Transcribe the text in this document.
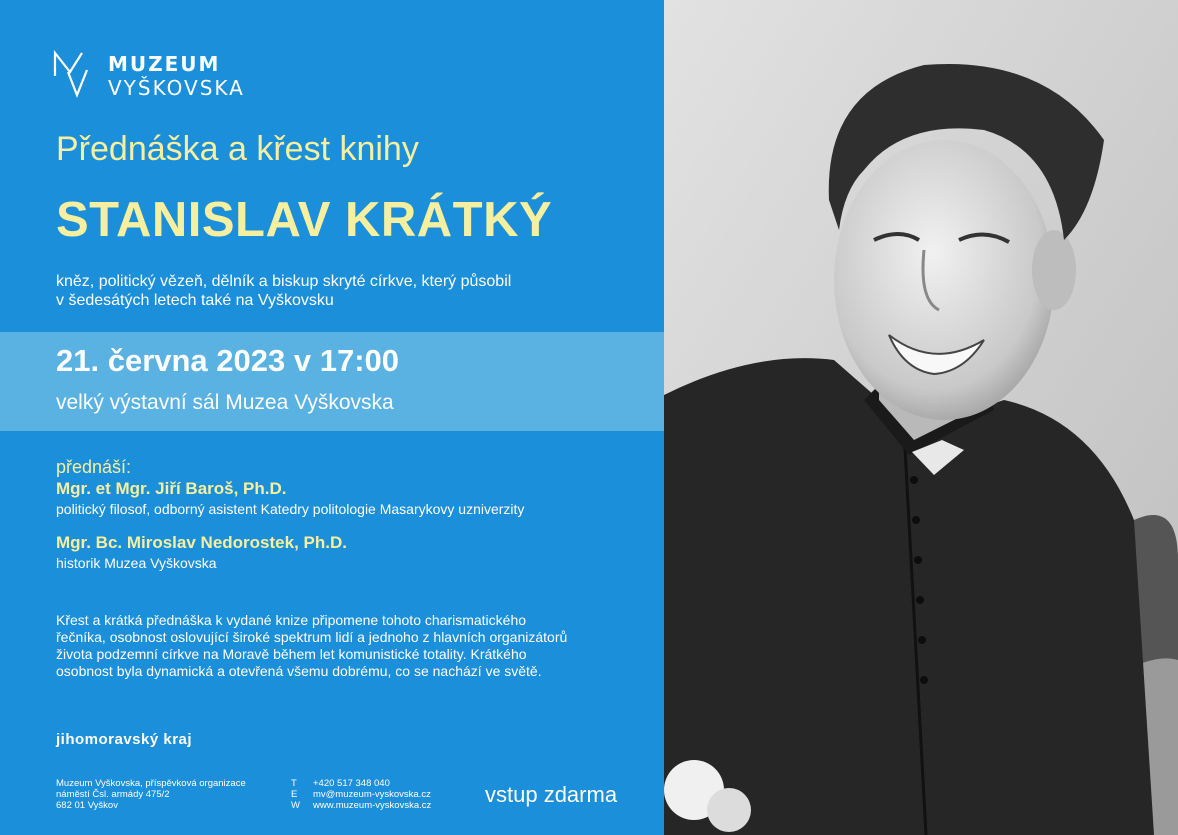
MUZEUM
VYŠKOVSKA
Přednáška a křest knihy
STANISLAV KRÁTKÝ
kněz, politický vězeň, dělník a biskup skryté církve, který působil
v šedesátých letech také na Vyškovsku
21. června 2023 v 17:00
velký výstavní sál Muzea Vyškovska
přednáší:
Mgr. et Mgr. Jiří Baroš, Ph.D.
politický filosof, odborný asistent Katedry politologie Masarykovy uzniverzity
Mgr. Bc. Miroslav Nedorostek, Ph.D.
historik Muzea Vyškovska
Křest a krátká přednáška k vydané knize připomene tohoto charismatického
řečníka, osobnost oslovující široké spektrum lidí a jednoho z hlavních organizátorů
života podzemní církve na Moravě během let komunistické totality. Krátkého
osobnost byla dynamická a otevřená všemu dobrému, co se nachází ve světě.
jihomoravský kraj
Muzeum Vyškovska, příspěvková organizace
náměstí Čsl. armády 475/2
682 01 Vyškov
T
E
W
+420 517 348 040
mv@muzeum-vyskovska.cz
www.muzeum-vyskovska.cz vstup zdarma
